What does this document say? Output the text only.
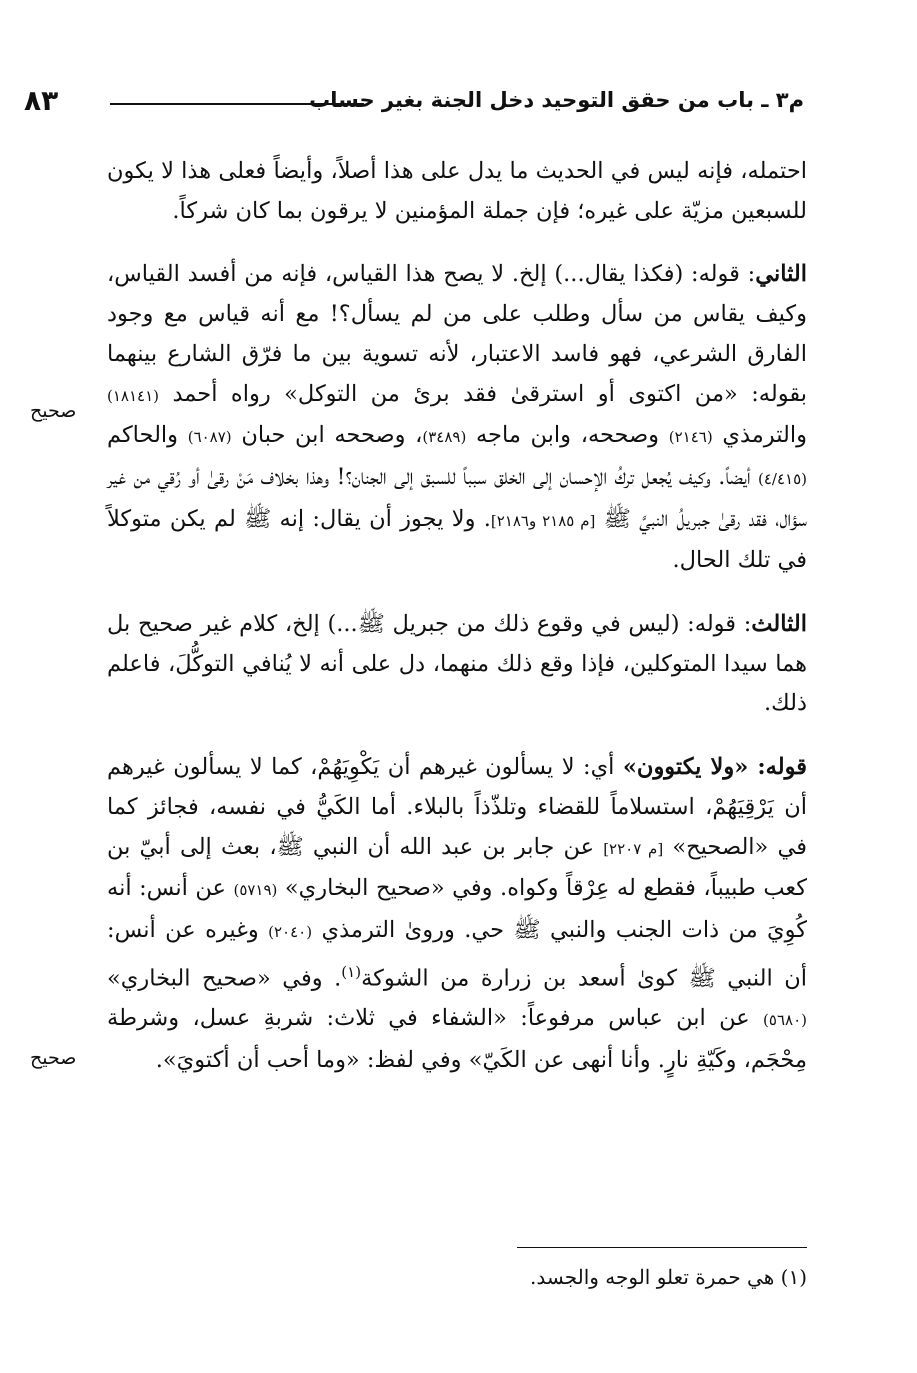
م٣ ـ باب من حقق التوحيد دخل الجنة بغير حساب
٨٣
صحيح
صحيح

احتمله، فإنه ليس في الحديث ما يدل على هذا أصلاً، وأيضاً فعلى هذا لا يكون للسبعين مزيّة على غيره؛ فإن جملة المؤمنين لا يرقون بما كان شركاً.

الثاني: قوله: (فكذا يقال...) إلخ. لا يصح هذا القياس، فإنه من أفسد القياس، وكيف يقاس من سأل وطلب على من لم يسأل؟! مع أنه قياس مع وجود الفارق الشرعي، فهو فاسد الاعتبار، لأنه تسوية بين ما فرّق الشارع بينهما بقوله: «من اكتوى أو استرقىٰ فقد برئ من التوكل» رواه أحمد (١٨١٤١) والترمذي (٢١٤٦) وصححه، وابن ماجه (٣٤٨٩)، وصححه ابن حبان (٦٠٨٧) والحاكم (٤/٤١٥) أيضاً. وكيف يُجعل تركُ الإحسان إلى الخلق سبباً للسبق إلى الجنان؟! وهذا بخلاف مَنْ رقىٰ أو رُقي من غير سؤال، فقد رقىٰ جبريلُ النبيَّ ﷺ [م ٢١٨٥ و٢١٨٦]. ولا يجوز أن يقال: إنه ﷺ لم يكن متوكلاً في تلك الحال.

الثالث: قوله: (ليس في وقوع ذلك من جبريل ﷺ...) إلخ، كلام غير صحيح بل هما سيدا المتوكلين، فإذا وقع ذلك منهما، دل على أنه لا يُنافي التوكُّلَ، فاعلم ذلك.

قوله: «ولا يكتوون» أي: لا يسألون غيرهم أن يَكْوِيَهُمْ، كما لا يسألون غيرهم أن يَرْقِيَهُمْ، استسلاماً للقضاء وتلذّذاً بالبلاء. أما الكَيُّ في نفسه، فجائز كما في «الصحيح» [م ٢٢٠٧] عن جابر بن عبد الله أن النبي ﷺ، بعث إلى أبيّ بن كعب طبيباً، فقطع له عِرْقاً وكواه. وفي «صحيح البخاري» (٥٧١٩) عن أنس: أنه كُوِيَ من ذات الجنب والنبي ﷺ حي. وروىٰ الترمذي (٢٠٤٠) وغيره عن أنس: أن النبي ﷺ كوىٰ أسعد بن زرارة من الشوكة$^{(١)}$. وفي «صحيح البخاري» (٥٦٨٠) عن ابن عباس مرفوعاً: «الشفاء في ثلاث: شربةِ عسل، وشرطة مِحْجَم، وكَيّةِ نارٍ. وأنا أنهى عن الكَيّ» وفي لفظ: «وما أحب أن أكتويَ».

(١) هي حمرة تعلو الوجه والجسد.
